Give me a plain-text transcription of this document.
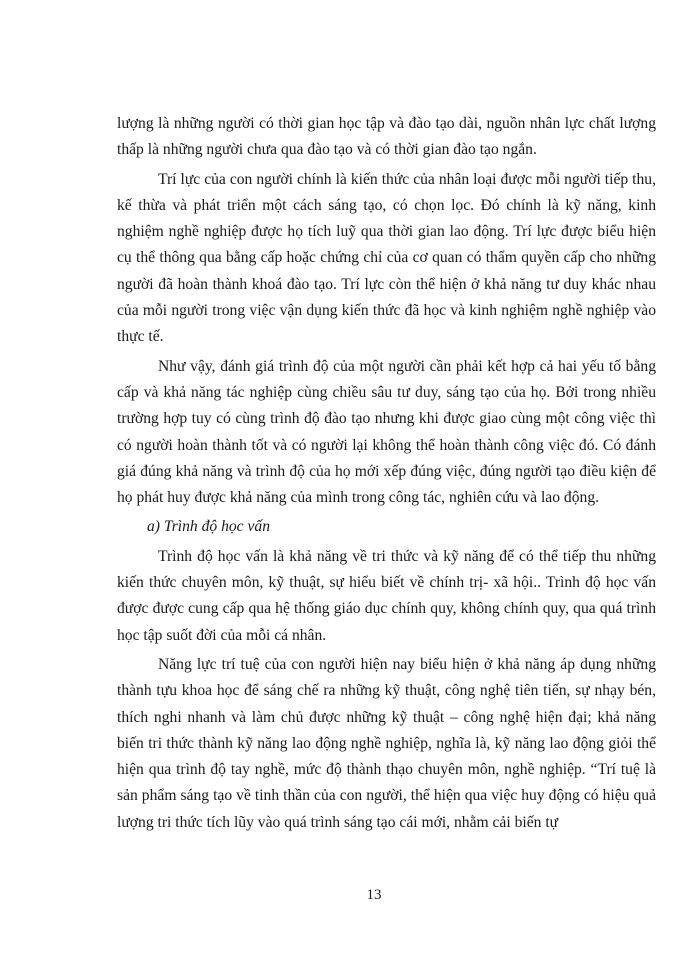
lượng là những người có thời gian học tập và đào tạo dài, nguồn nhân lực chất lượng thấp là những người chưa qua đào tạo và có thời gian đào tạo ngắn.

Trí lực của con người chính là kiến thức của nhân loại được mỗi người tiếp thu, kế thừa và phát triển một cách sáng tạo, có chọn lọc. Đó chính là kỹ năng, kinh nghiệm nghề nghiệp được họ tích luỹ qua thời gian lao động. Trí lực được biểu hiện cụ thể thông qua bằng cấp hoặc chứng chỉ của cơ quan có thẩm quyền cấp cho những người đã hoàn thành khoá đào tạo. Trí lực còn thể hiện ở khả năng tư duy khác nhau của mỗi người trong việc vận dụng kiến thức đã học và kinh nghiệm nghề nghiệp vào thực tế.

Như vậy, đánh giá trình độ của một người cần phải kết hợp cả hai yếu tố bằng cấp và khả năng tác nghiệp cùng chiều sâu tư duy, sáng tạo của họ. Bởi trong nhiều trường hợp tuy có cùng trình độ đào tạo nhưng khi được giao cùng một công việc thì có người hoàn thành tốt và có người lại không thể hoàn thành công việc đó. Có đánh giá đúng khả năng và trình độ của họ mới xếp đúng việc, đúng người tạo điều kiện để họ phát huy được khả năng của mình trong công tác, nghiên cứu và lao động.

a) Trình độ học vấn

Trình độ học vấn là khả năng về tri thức và kỹ năng để có thể tiếp thu những kiến thức chuyên môn, kỹ thuật, sự hiểu biết về chính trị- xã hội.. Trình độ học vấn được được cung cấp qua hệ thống giáo dục chính quy, không chính quy, qua quá trình học tập suốt đời của mỗi cá nhân.

Năng lực trí tuệ của con người hiện nay biểu hiện ở khả năng áp dụng những thành tựu khoa học để sáng chế ra những kỹ thuật, công nghệ tiên tiến, sự nhạy bén, thích nghi nhanh và làm chủ được những kỹ thuật – công nghệ hiện đại; khả năng biến tri thức thành kỹ năng lao động nghề nghiệp, nghĩa là, kỹ năng lao động giỏi thể hiện qua trình độ tay nghề, mức độ thành thạo chuyên môn, nghề nghiệp. “Trí tuệ là sản phẩm sáng tạo về tinh thần của con người, thể hiện qua việc huy động có hiệu quả lượng tri thức tích lũy vào quá trình sáng tạo cái mới, nhằm cải biến tự

13
